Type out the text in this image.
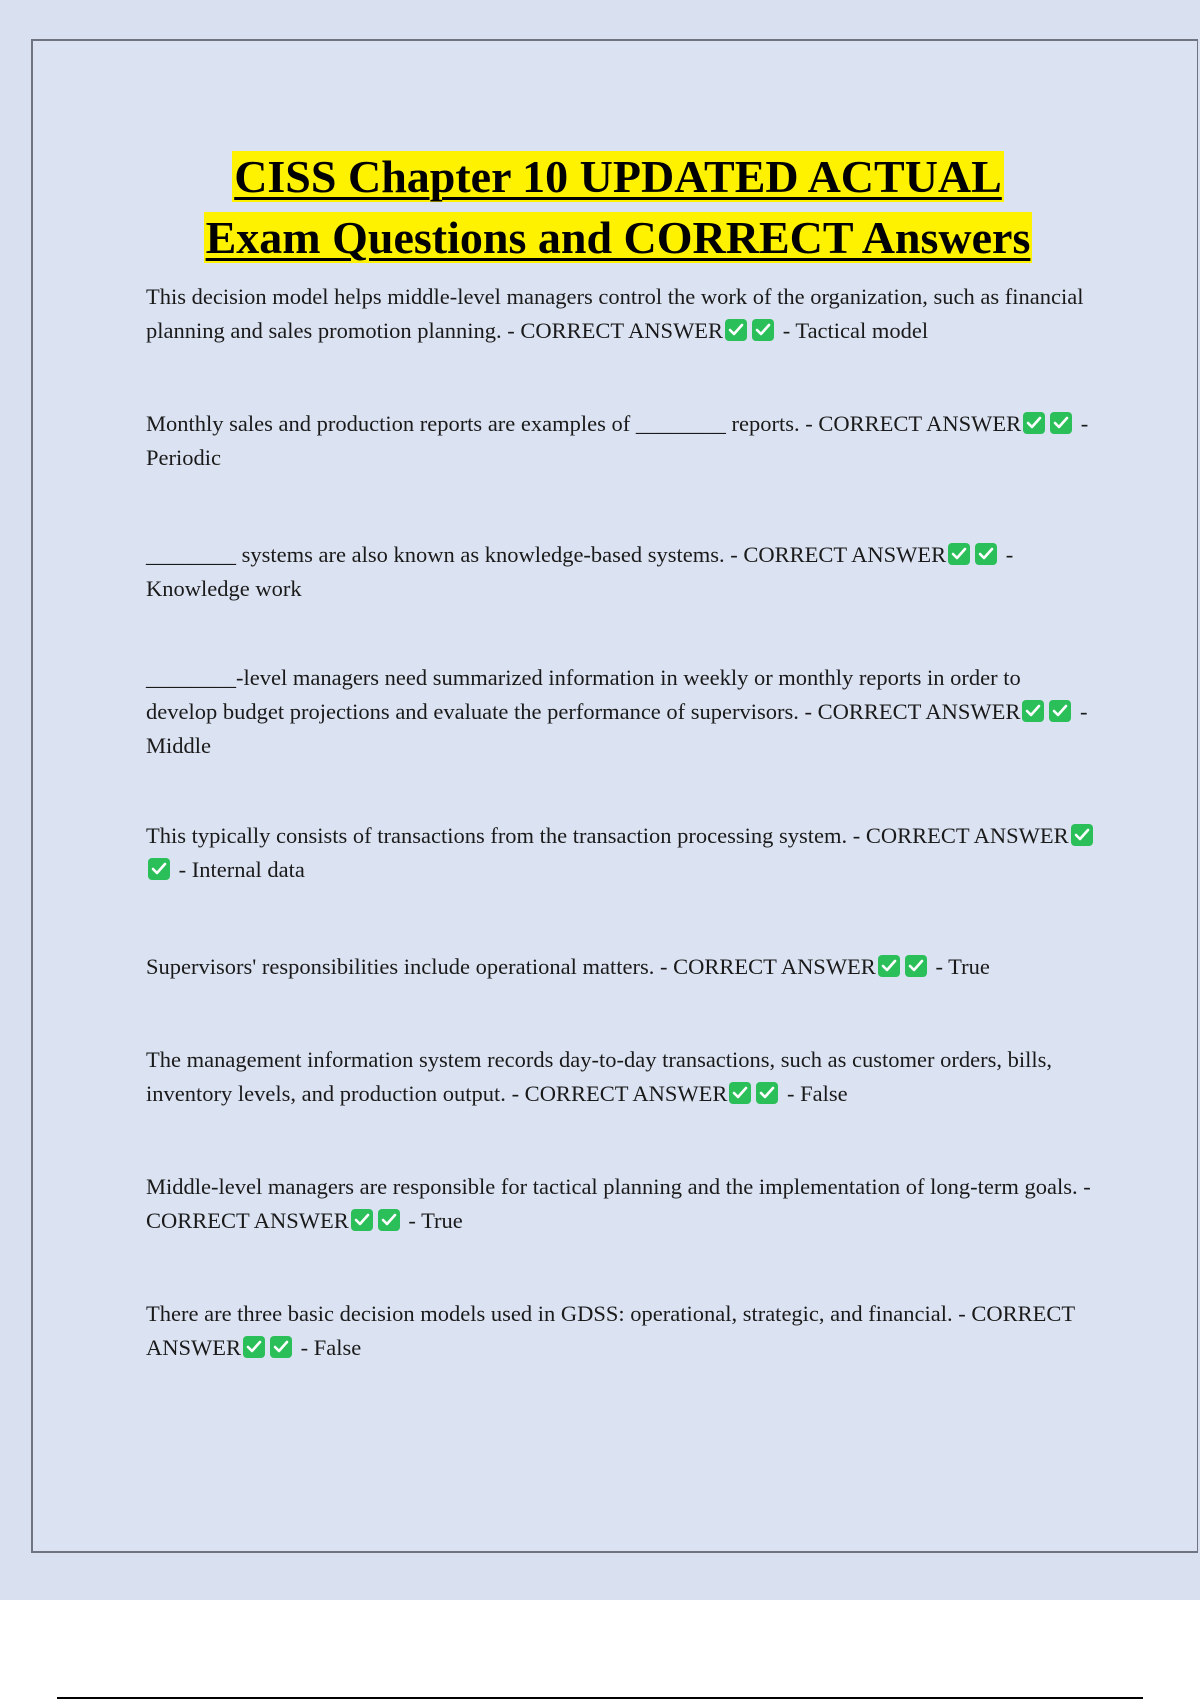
CISS Chapter 10 UPDATED ACTUAL
Exam Questions and CORRECT Answers

This decision model helps middle-level managers control the work of the organization, such as financial planning and sales promotion planning. - CORRECT ANSWER	- Tactical model

Monthly sales and production reports are examples of ________ reports. - CORRECT ANSWER	- Periodic

________ systems are also known as knowledge-based systems. - CORRECT ANSWER	- Knowledge work

________-level managers need summarized information in weekly or monthly reports in order to develop budget projections and evaluate the performance of supervisors. - CORRECT ANSWER	- Middle

This typically consists of transactions from the transaction processing system. - CORRECT ANSWER
- Internal data

Supervisors' responsibilities include operational matters. - CORRECT ANSWER	- True

The management information system records day-to-day transactions, such as customer orders, bills, inventory levels, and production output. - CORRECT ANSWER	- False

Middle-level managers are responsible for tactical planning and the implementation of long-term goals. - CORRECT ANSWER	- True

There are three basic decision models used in GDSS: operational, strategic, and financial. - CORRECT ANSWER	- False
